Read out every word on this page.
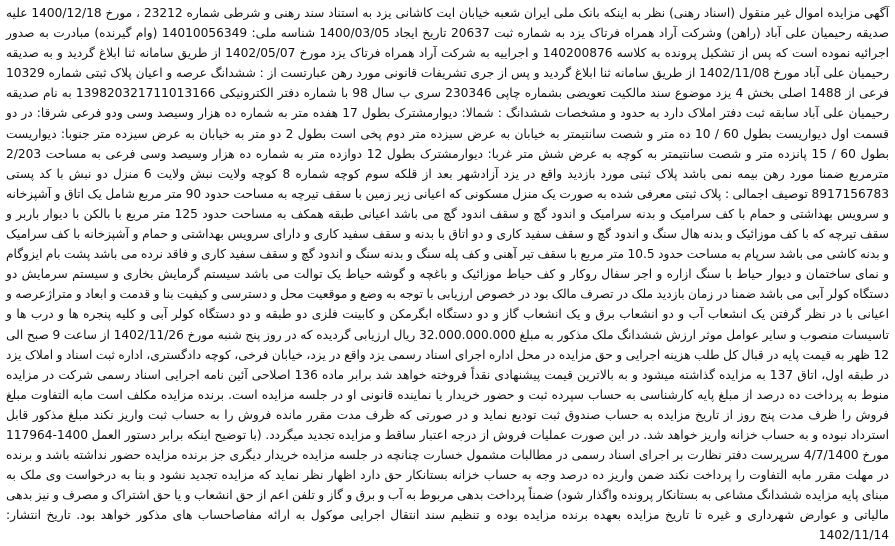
آگهی مزایده اموال غیر منقول (اسناد رهنی) نظر به اینکه بانک ملی ایران شعبه خیابان ایت کاشانی یزد به استناد سند رهنی و شرطی شماره 23212 ، مورخ 1400/12/18 علیه صدیقه رحیمیان علی آباد (راهن) وشرکت آراد همراه فرتاک یزد به شماره ثبت 20637 تاریخ ایجاد 1400/03/05 شناسه ملی: 14010056349 (وام گیرنده) مبادرت به صدور اجرائیه نموده است که پس از تشکیل پرونده به کلاسه 140200876 و اجراییه به شرکت آراد همراه فرتاک یزد مورخ 1402/05/07 از طریق سامانه ثنا ابلاغ گردید و به صدیقه رحیمیان علی آباد مورخ 1402/11/08 از طریق سامانه ثنا ابلاغ گردید و پس از جری تشریفات قانونی مورد رهن عبارتست از : ششدانگ عرصه و اعیان پلاک ثبتی شماره 10329 فرعی از 1488 اصلی بخش 4 یزد موضوع سند مالکیت تعویضی بشماره چاپی 230346 سری ب سال 98 با شماره دفتر الکترونیکی 139820321711013166 به نام صدیقه رحیمیان علی آباد سابقه ثبت دفتر املاک دارد به حدود و مشخصات ششدانگ : شمالا: دیوارمشترک بطول 17 هفده متر به شماره ده هزار وسیصد وسی ودو فرعی شرقا: در دو قسمت اول دیواریست بطول 60 / 10 ده متر و شصت سانتیمتر به خیابان به عرض سیزده متر دوم پخی است بطول 2 دو متر به خیابان به عرض سیزده متر جنوبا: دیواریست بطول 60 / 15 پانزده متر و شصت سانتیمتر به کوچه به عرض شش متر غربا: دیوارمشترک بطول 12 دوازده متر به شماره ده هزار وسیصد وسی فرعی به مساحت 2/203 مترمربع ضمنا مورد رهن بیمه نمی باشد پلاک ثبتی مورد بازدید واقع در یزد آزادشهر بعد از قلکه سوم کوچه شماره 8 کوچه ولایت نبش ولایت 6 منزل دو نبش با کد پستی 8917156783 توصیف اجمالی : پلاک ثبتی معرفی شده به صورت یک منزل مسکونی که اعیانی زیر زمین با سقف تیرچه به مساحت حدود 90 متر مربع شامل یک اتاق و آشپزخانه و سرویس بهداشتی و حمام با کف سرامیک و بدنه سرامیک و اندود گچ و سقف اندود گچ می باشد اعیانی طبقه همکف به مساحت حدود 125 متر مربع با بالکن با دیوار باربر و سقف تیرچه که با کف موزائیک و بدنه هال سنگ و اندود گچ و سقف سفید کاری و دو اتاق با بدنه و سقف سفید کاری و دارای سرویس بهداشتی و حمام و آشپزخانه با کف سرامیک و بدنه کاشی می باشد سرپام به مساحت حدود 10.5 متر مربع با سقف تیر آهنی و کف پله سنگ و بدنه سنگ و اندود گچ و سقف سفید کاری و فاقد نرده می باشد پشت بام ایزوگام و نمای ساختمان و دیوار حیاط با سنگ ازاره و اجر سفال روکار و کف حیاط موزائیک و باغچه و گوشه حیاط یک توالت می باشد سیستم گرمایش بخاری و سیستم سرمایش دو دستگاه کولر آبی می باشد ضمنا در زمان بازدید ملک در تصرف مالک بود در خصوص ارزیابی با توجه به وضع و موقعیت محل و دسترسی و کیفیت بنا و قدمت و ابعاد و متراژعرصه و اعیانی با در نظر گرفتن یک انشعاب آب و دو انشعاب برق و یک انشعاب گاز و دو دستگاه ابگرمکن و کابینت فلزی دو طبقه و دو دستگاه کولر آبی و کلیه پنجره ها و درب ها و تاسیسات منصوب و سایر عوامل موثر ارزش ششدانگ ملک مذکور به مبلغ 32.000.000.000 ریال ارزیابی گردیده که در روز پنج شنبه مورخ 1402/11/26 از ساعت 9 صبح الی 12 ظهر به قیمت پایه در قبال کل طلب هزینه اجرایی و حق مزایده در محل اداره اجرای اسناد رسمی یزد واقع در یزد، خیابان فرخی، کوچه دادگستری، اداره ثبت اسناد و املاک یزد در طبقه اول، اتاق 137 به مزایده گذاشته میشود و به بالاترین قیمت پیشنهادی نقداً فروخته خواهد شد برابر ماده 136 اصلاحی آئین نامه اجرایی اسناد رسمی شرکت در مزایده منوط به پرداخت ده درصد از مبلغ پایه کارشناسی به حساب سپرده ثبت و حضور خریدار یا نماینده قانونی او در جلسه مزایده است. برنده مزایده مکلف است مابه التفاوت مبلغ فروش را ظرف مدت پنج روز از تاریخ مزایده به حساب صندوق ثبت تودیع نماید و در صورتی که ظرف مدت مقرر مانده فروش را به حساب ثبت واریز نکند مبلغ مذکور قابل استرداد نبوده و به حساب خزانه واریز خواهد شد. در این صورت عملیات فروش از درجه اعتبار ساقط و مزایده تجدید میگردد. (با توضیح اینکه برابر دستور العمل 1400-117964 مورخ 4/7/1400 سرپرست دفتر نظارت بر اجرای اسناد رسمی در مطالبات مشمول خسارت چنانچه در جلسه مزایده خریدار دیگری جز برنده مزایده حضور نداشته باشد و برنده در مهلت مقرر مابه التفاوت را پرداخت نکند ضمن واریز ده درصد وجه به حساب خزانه بستانکار حق دارد اظهار نظر نماید که مزایده تجدید نشود و بنا به درخواست وی ملک به مبنای پایه مزایده ششدانگ مشاعی به بستانکار پرونده واگذار شود) ضمناً پرداخت بدهی مربوط به آب و برق و گاز و تلفن اعم از حق انشعاب و یا حق اشتراک و مصرف و نیز بدهی مالیاتی و عوارض شهرداری و غیره تا تاریخ مزایده بعهده برنده مزایده بوده و تنظیم سند انتقال اجرایی موکول به ارائه مفاصاحساب های مذکور خواهد بود. تاریخ انتشار: 1402/11/14
